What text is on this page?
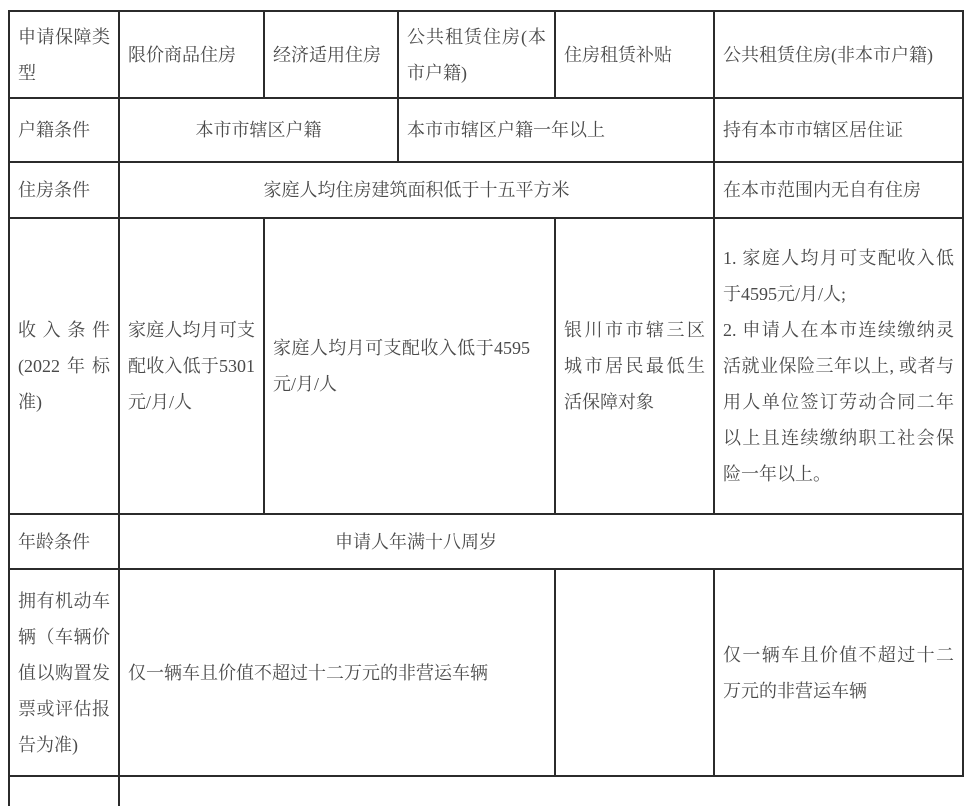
申请保障类型	限价商品住房	经济适用住房	公共租赁住房(本市户籍)	住房租赁补贴	公共租赁住房(非本市户籍)
户籍条件	本市市辖区户籍		本市市辖区户籍一年以上		持有本市市辖区居住证
住房条件	家庭人均住房建筑面积低于十五平方米				在本市范围内无自有住房
收入条件(2022年标准)	家庭人均月可支配收入低于5301元/月/人	家庭人均月可支配收入低于4595元/月/人		银川市市辖三区城市居民最低生活保障对象	1. 家庭人均月可支配收入低于4595元/月/人;
2. 申请人在本市连续缴纳灵活就业保险三年以上, 或者与用人单位签订劳动合同二年以上且连续缴纳职工社会保险一年以上。

年龄条件	申请人年满十八周岁				
拥有机动车辆（车辆价值以购置发票或评估报告为准)	仅一辆车且价值不超过十二万元的非营运车辆				仅一辆车且价值不超过十二万元的非营运车辆
